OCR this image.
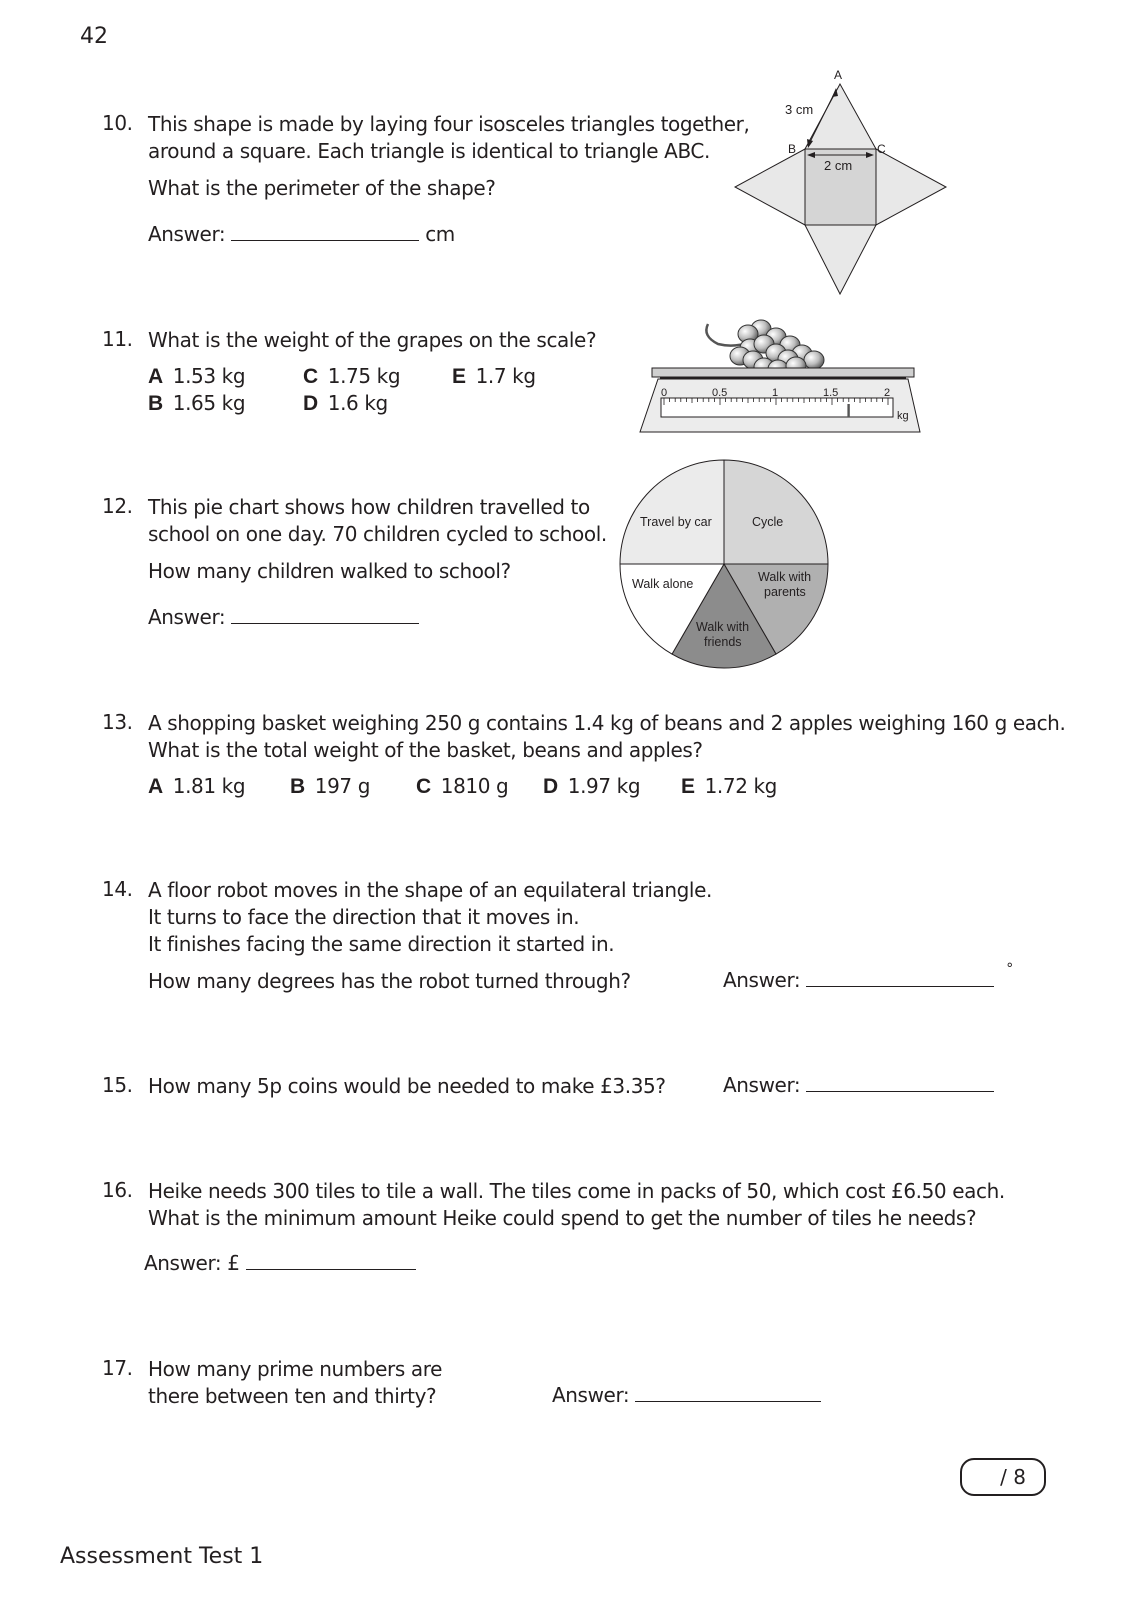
42
10. This shape is made by laying four isosceles triangles together,
around a square. Each triangle is identical to triangle ABC.
What is the perimeter of the shape?
Answer:	cm
A
B	C
3 cm
2 cm
11. What is the weight of the grapes on the scale?
A 1.53 kg
B 1.65 kg
C 1.75 kg
D 1.6 kg
E 1.7 kg
0	0.5	1	1.5	2
kg
12. This pie chart shows how children travelled to
school on one day. 70 children cycled to school.
How many children walked to school?
Answer:
Travel by car	Cycle
Walk alone	Walk with
parents
Walk with
friends
13. A shopping basket weighing 250 g contains 1.4 kg of beans and 2 apples weighing 160 g each.
What is the total weight of the basket, beans and apples?
A 1.81 kg B 197 g C 1810 g D 1.97 kg E 1.72 kg
14. A floor robot moves in the shape of an equilateral triangle.
It turns to face the direction that it moves in.
It finishes facing the same direction it started in.
How many degrees has the robot turned through?	Answer:	°
15. How many 5p coins would be needed to make £3.35?	Answer:
16. Heike needs 300 tiles to tile a wall. The tiles come in packs of 50, which cost £6.50 each.
What is the minimum amount Heike could spend to get the number of tiles he needs?
Answer: £
17. How many prime numbers are
there between ten and thirty?	Answer:
/ 8
Assessment Test 1
